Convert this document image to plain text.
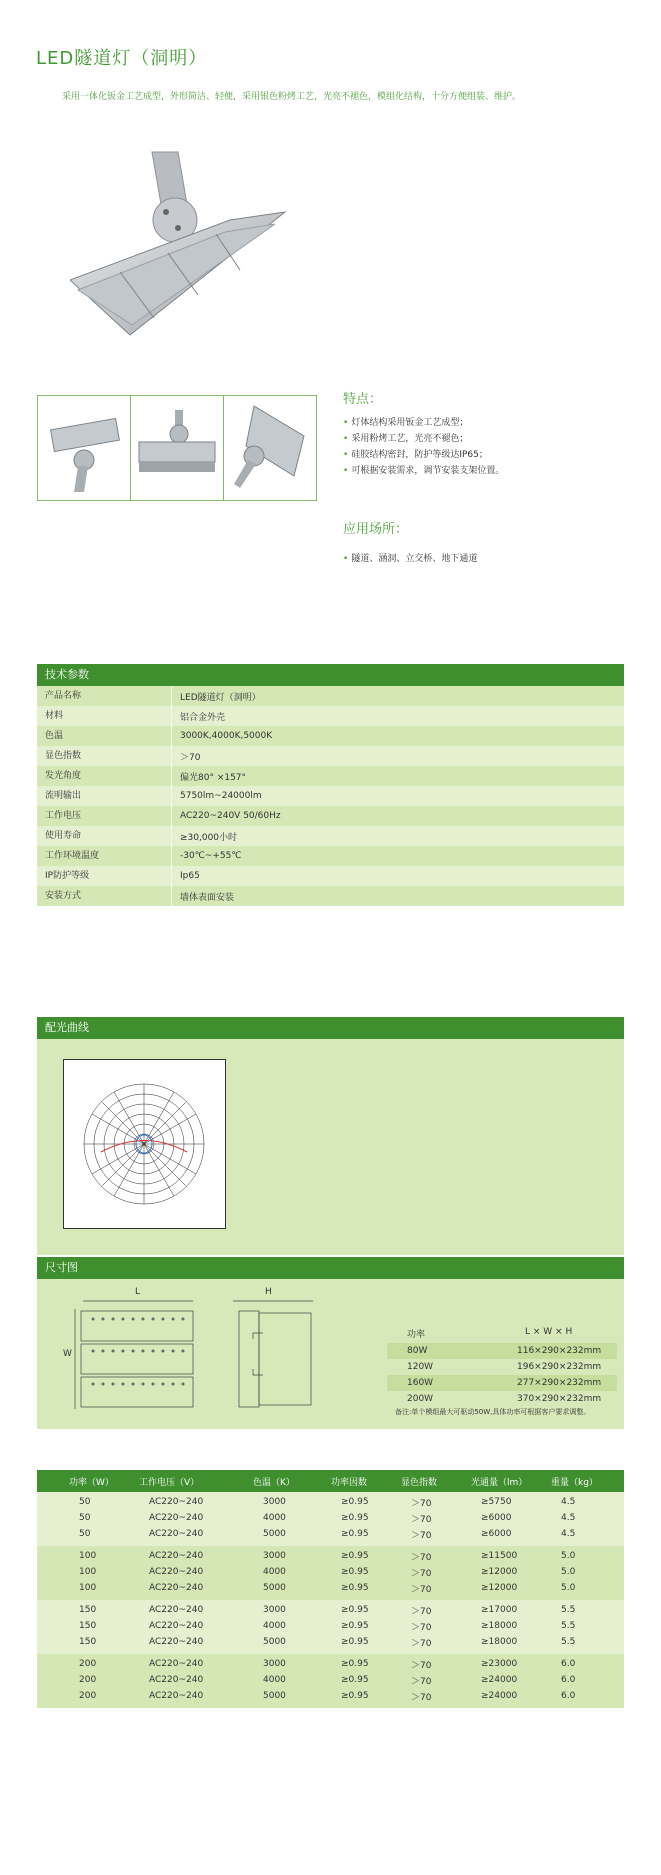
LED隧道灯（洞明）
采用一体化钣金工艺成型，外形简洁、轻便，采用银色粉烤工艺，光亮不褪色，模组化结构，十分方便组装、维护。
特点：
• 灯体结构采用钣金工艺成型；
• 采用粉烤工艺，光亮不褪色；
• 硅胶结构密封，防护等级达IP65；
• 可根据安装需求，调节安装支架位置。
应用场所：
• 隧道、涵洞、立交桥、地下通道
技术参数
产品名称	LED隧道灯（洞明）
材料	铝合金外壳
色温	3000K,4000K,5000K
显色指数	＞70
发光角度	偏光80° ×157°
流明输出	5750lm~24000lm
工作电压	AC220~240V 50/60Hz
使用寿命	≥30,000小时
工作环境温度	-30℃~+55℃
IP防护等级	Ip65
安装方式	墙体表面安装
配光曲线
尺寸图
L	H
W
功率	L × W × H
80W	116×290×232mm
120W	196×290×232mm
160W	277×290×232mm
200W	370×290×232mm
备注:单个模组最大可驱动50W,具体功率可根据客户要求调整。
功率（W）	工作电压（V）	色温（K）	功率因数	显色指数	光通量（lm）	重量（kg）
50	AC220~240	3000	≥0.95	＞70	≥5750	4.5
50	AC220~240	4000	≥0.95	＞70	≥6000	4.5
50	AC220~240	5000	≥0.95	＞70	≥6000	4.5
100	AC220~240	3000	≥0.95	＞70	≥11500	5.0
100	AC220~240	4000	≥0.95	＞70	≥12000	5.0
100	AC220~240	5000	≥0.95	＞70	≥12000	5.0
150	AC220~240	3000	≥0.95	＞70	≥17000	5.5
150	AC220~240	4000	≥0.95	＞70	≥18000	5.5
150	AC220~240	5000	≥0.95	＞70	≥18000	5.5
200	AC220~240	3000	≥0.95	＞70	≥23000	6.0
200	AC220~240	4000	≥0.95	＞70	≥24000	6.0
200	AC220~240	5000	≥0.95	＞70	≥24000	6.0
